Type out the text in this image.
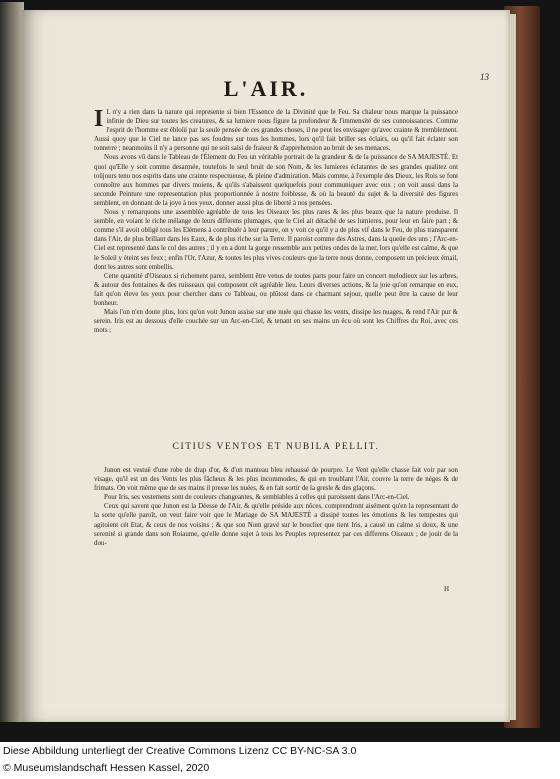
13
L'AIR.

I L n'y a rien dans la nature qui represente si bien l'Essence de la Divinité que le Feu. Sa chaleur nous marque la puissance infinie de Dieu sur toutes les creatures, & sa lumiere nous figure la profondeur & l'immensité de ses connoissances. Comme l'esprit de l'homme est ébloüi par la seule pensée de ces grandes choses, il ne peut les envisager qu'avec crainte & tremblement. Aussi quoy que le Ciel ne lance pas ses foudres sur tous les hommes, lors qu'il fait briller ses éclairs, ou qu'il fait éclater son tonnerre ; neanmoins il n'y a personne qui ne soit saisi de fraieur & d'apprehension au bruit de ses menaces.

Nous avons vû dans le Tableau de l'Élement du Feu un véritable portrait de la grandeur & de la puissance de SA MAJESTÉ. Et quoi qu'Elle y soit comme desarmée, toutefois le seul bruit de son Nom, & les lumieres éclatantes de ses grandes qualitez ont toûjours tenu nos esprits dans une crainte respectueuse, & pleine d'admiration. Mais comme, à l'exemple des Dieux, les Rois se font connoître aux hommes par divers moiens, & qu'ils s'abaissent quelquefois pour communiquer avec eux ; on voit aussi dans la seconde Peinture une representation plus proportionnée à nostre foiblesse, & où la beauté du sujet & la diversité des figures semblent, en donnant de la joye à nos yeux, donner aussi plus de liberté à nos pensées.

Nous y remarquons une assemblée agréable de tous les Oiseaux les plus rares & les plus beaux que la nature produise. Il semble, en voiant le riche mélange de leurs differens plumages, que le Ciel ait détaché de ses lumieres, pour leur en faire part ; & comme s'il avoit obligé tous les Elémens à contribuër à leur parure, on y voit ce qu'il y a de plus vif dans le Feu, de plus transparent dans l'Air, de plus brillant dans les Eaux, & de plus riche sur la Terre. Il paroist comme des Astres, dans la queüe des uns ; l'Arc-en-Ciel est representé dans le col des autres ; il y en a dont la gorge ressemble aux petites ondes de la mer, lors qu'elle est calme, & que le Soleil y éteint ses feux ; enfin l'Or, l'Azur, & toutes les plus vives couleurs que la terre nous donne, composent un précieux émail, dont les autres sont embellis.

Cette quantité d'Oiseaux si richement parez, semblent être venus de toutes parts pour faire un concert melodieux sur les arbres, & autour des fontaines & des ruisseaux qui composent cét agréable lieu. Leurs diverses actions, & la joie qu'on remarque en eux, fait qu'on éleve les yeux pour chercher dans ce Tableau, ou plûtost dans ce charmant sejour, quelle peut être la cause de leur bonheur.

Mais l'on n'en doute plus, lors qu'on voit Junon assise sur une nuée qui chasse les vents, dissipe les nuages, & rend l'Air pur & serein. Iris est au dessous d'elle couchée sur un Arc-en-Ciel, & tenant en ses mains un écu où sont les Chiffres du Roi, avec ces mots ;

CITIUS VENTOS ET NUBILA PELLIT.

Junon est vestuë d'une robe de drap d'or, & d'un manteau bleu rehaussé de pourpre. Le Vent qu'elle chasse fait voir par son visage, qu'il est un des Vents les plus fâcheux & les plus incommodes, & qui en troublant l'Air, couvre la terre de néges & de frimats. On voit même que de ses mains il presse les nuées, & en fait sortir de la gresle & des glaçons.

Pour Iris, ses vestemens sont de couleurs changeantes, & semblables à celles qui paroissent dans l'Arc-en-Ciel.

Ceux qui savent que Junon est la Déesse de l'Air, & qu'elle préside aux nôces, comprendront aisément qu'en la representant de la sorte qu'elle paroît, on veut faire voir que le Mariage de SA MAJESTÉ a dissipé toutes les émotions & les tempestes qui agitoient cét Etat, & ceux de nos voisins ; & que son Nom gravé sur le bouclier que tient Iris, a causé un calme si doux, & une serenité si grande dans son Roiaume, qu'elle donne sujet à tous les Peuples representez par ces differens Oiseaux ; de jouir de la dou-

H
Diese Abbildung unterliegt der Creative Commons Lizenz CC BY-NC-SA 3.0
© Museumslandschaft Hessen Kassel, 2020
